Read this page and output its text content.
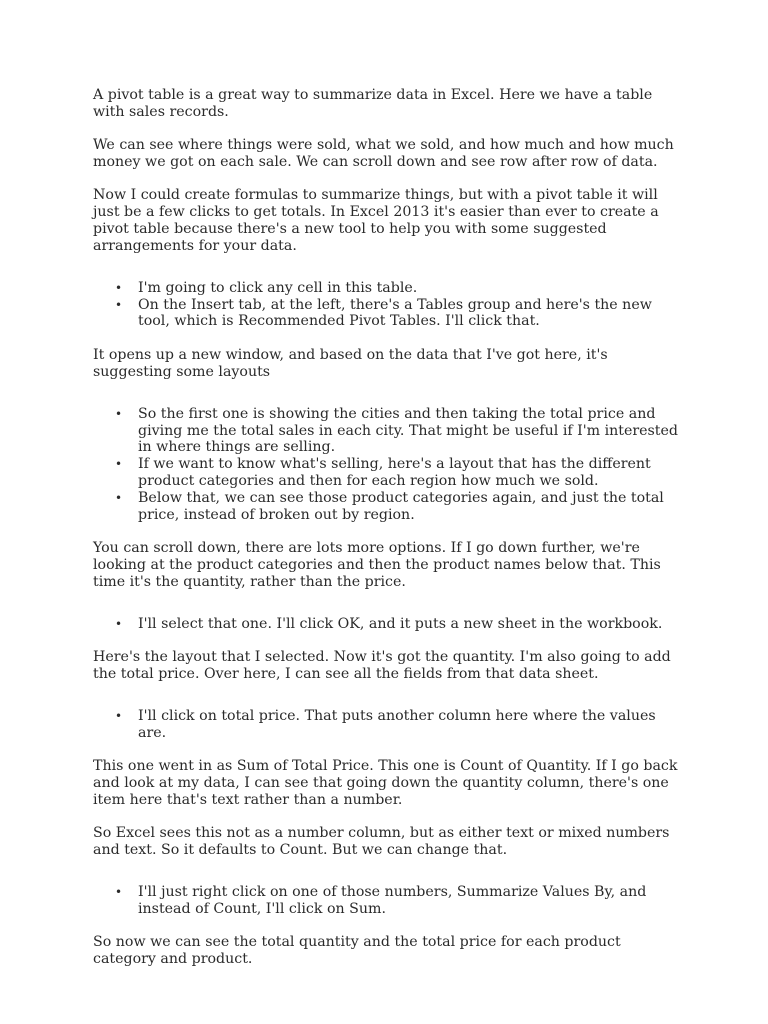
A pivot table is a great way to summarize data in Excel. Here we have a table with sales records.

We can see where things were sold, what we sold, and how much and how much money we got on each sale. We can scroll down and see row after row of data.

Now I could create formulas to summarize things, but with a pivot table it will just be a few clicks to get totals. In Excel 2013 it's easier than ever to create a pivot table because there's a new tool to help you with some suggested arrangements for your data.

• I'm going to click any cell in this table.
• On the Insert tab, at the left, there's a Tables group and here's the new tool, which is Recommended Pivot Tables. I'll click that.

It opens up a new window, and based on the data that I've got here, it's suggesting some layouts

• So the first one is showing the cities and then taking the total price and giving me the total sales in each city. That might be useful if I'm interested in where things are selling.
• If we want to know what's selling, here's a layout that has the different product categories and then for each region how much we sold.
• Below that, we can see those product categories again, and just the total price, instead of broken out by region.

You can scroll down, there are lots more options. If I go down further, we're looking at the product categories and then the product names below that. This time it's the quantity, rather than the price.

• I'll select that one. I'll click OK, and it puts a new sheet in the workbook.

Here's the layout that I selected. Now it's got the quantity. I'm also going to add the total price. Over here, I can see all the fields from that data sheet.

• I'll click on total price. That puts another column here where the values are.

This one went in as Sum of Total Price. This one is Count of Quantity. If I go back and look at my data, I can see that going down the quantity column, there's one item here that's text rather than a number.

So Excel sees this not as a number column, but as either text or mixed numbers and text. So it defaults to Count. But we can change that.

• I'll just right click on one of those numbers, Summarize Values By, and instead of Count, I'll click on Sum.

So now we can see the total quantity and the total price for each product category and product.
